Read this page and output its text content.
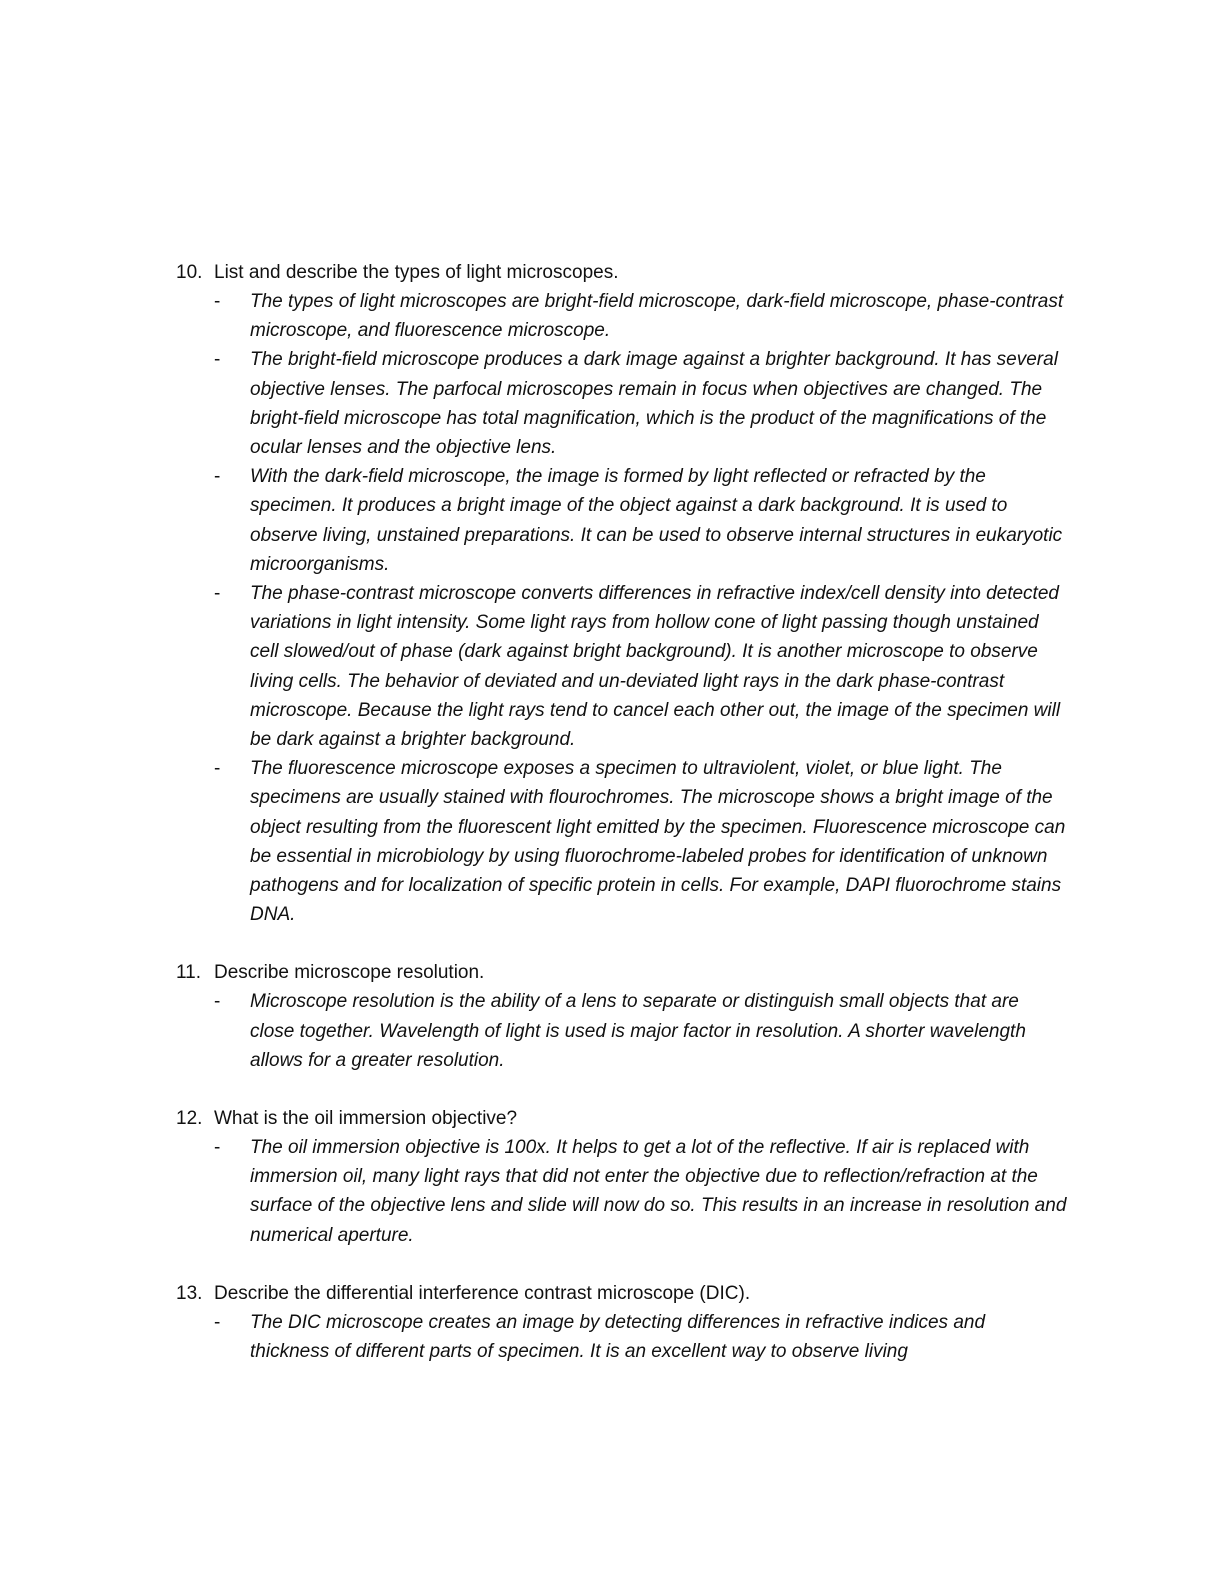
10. List and describe the types of light microscopes.
-	The types of light microscopes are bright-field microscope, dark-field microscope, phase-contrast microscope, and fluorescence microscope.
-	The bright-field microscope produces a dark image against a brighter background. It has several objective lenses. The parfocal microscopes remain in focus when objectives are changed. The bright-field microscope has total magnification, which is the product of the magnifications of the ocular lenses and the objective lens.
-	With the dark-field microscope, the image is formed by light reflected or refracted by the specimen. It produces a bright image of the object against a dark background. It is used to observe living, unstained preparations. It can be used to observe internal structures in eukaryotic microorganisms.
-	The phase-contrast microscope converts differences in refractive index/cell density into detected variations in light intensity. Some light rays from hollow cone of light passing though unstained cell slowed/out of phase (dark against bright background). It is another microscope to observe living cells. The behavior of deviated and un-deviated light rays in the dark phase-contrast microscope. Because the light rays tend to cancel each other out, the image of the specimen will be dark against a brighter background.
-	The fluorescence microscope exposes a specimen to ultraviolent, violet, or blue light. The specimens are usually stained with flourochromes. The microscope shows a bright image of the object resulting from the fluorescent light emitted by the specimen. Fluorescence microscope can be essential in microbiology by using fluorochrome-labeled probes for identification of unknown pathogens and for localization of specific protein in cells. For example, DAPI fluorochrome stains DNA.
11. Describe microscope resolution.
-	Microscope resolution is the ability of a lens to separate or distinguish small objects that are close together. Wavelength of light is used is major factor in resolution. A shorter wavelength allows for a greater resolution.
12. What is the oil immersion objective?
-	The oil immersion objective is 100x. It helps to get a lot of the reflective. If air is replaced with immersion oil, many light rays that did not enter the objective due to reflection/refraction at the surface of the objective lens and slide will now do so. This results in an increase in resolution and numerical aperture.
13. Describe the differential interference contrast microscope (DIC).
-	The DIC microscope creates an image by detecting differences in refractive indices and thickness of different parts of specimen. It is an excellent way to observe living
